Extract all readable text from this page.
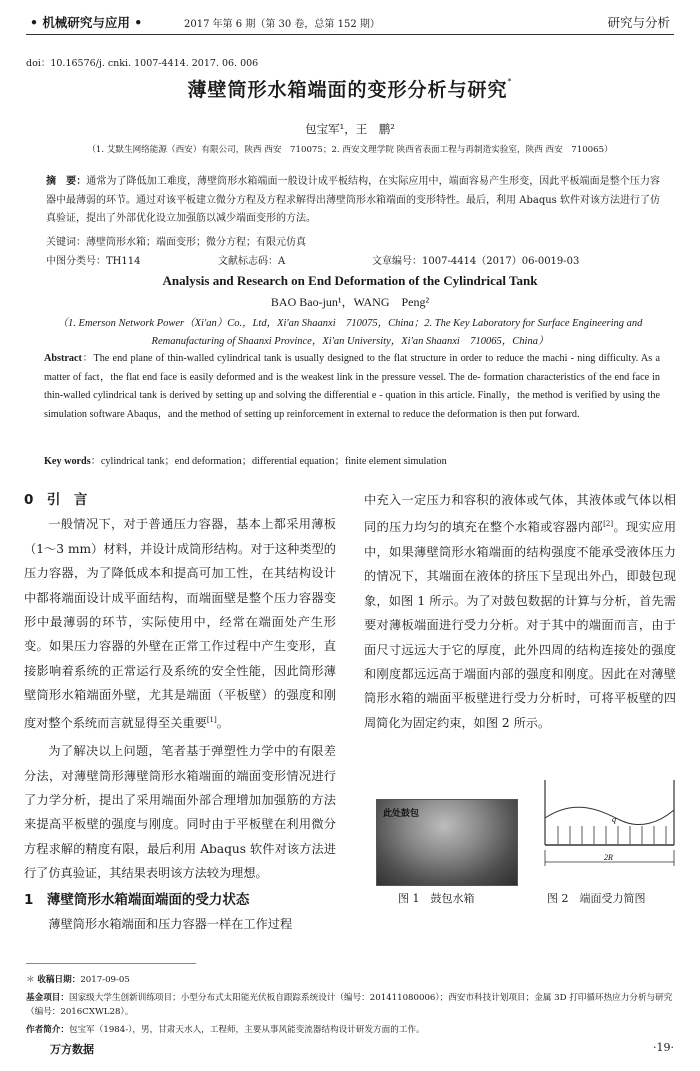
• 机械研究与应用 •	2017 年第 6 期（第 30 卷，总第 152 期）	研究与分析
doi：10.16576/j. cnki. 1007-4414. 2017. 06. 006
薄壁筒形水箱端面的变形分析与研究*
包宝军¹，王　鹏²
（1. 艾默生网络能源（西安）有限公司，陕西 西安　710075；2. 西安文理学院 陕西省表面工程与再制造实验室，陕西 西安　710065）
摘　要：通常为了降低加工难度，薄壁筒形水箱端面一般设计成平板结构，在实际应用中，端面容易产生形变，因此平板端面是整个压力容器中最薄弱的环节。通过对该平板建立微分方程及方程求解得出薄壁筒形水箱端面的变形特性。最后，利用 Abaqus 软件对该方法进行了仿真验证，提出了外部优化设立加强筋以减少端面变形的方法。
关键词：薄壁筒形水箱；端面变形；微分方程；有限元仿真
中图分类号：TH114	文献标志码：A	文章编号：1007-4414（2017）06-0019-03
Analysis and Research on End Deformation of the Cylindrical Tank
BAO Bao-jun¹，WANG　Peng²
（1. Emerson Network Power（Xi'an）Co.，Ltd，Xi'an Shaanxi　710075，China；2. The Key Laboratory for Surface Engineering and Remanufacturing of Shaanxi Province，Xi'an University，Xi'an Shaanxi　710065，China）
Abstract：The end plane of thin-walled cylindrical tank is usually designed to the flat structure in order to reduce the machi - ning difficulty. As a matter of fact，the flat end face is easily deformed and is the weakest link in the pressure vessel. The de- formation characteristics of the end face in thin-walled cylindrical tank is derived by setting up and solving the differential e - quation in this article. Finally，the method is verified by using the simulation software Abaqus，and the method of setting up reinforcement in external to reduce the deformation is then put forward.
Key words：cylindrical tank；end deformation；differential equation；finite element simulation
0　引　言
一般情况下，对于普通压力容器，基本上都采用薄板（1～3 mm）材料，并设计成筒形结构。对于这种类型的压力容器，为了降低成本和提高可加工性，在其结构设计中都将端面设计成平面结构，而端面壁是整个压力容器变形中最薄弱的环节，实际使用中，经常在端面处产生形变。如果压力容器的外壁在正常工作过程中产生变形，直接影响着系统的正常运行及系统的安全性能，因此筒形薄壁筒形水箱端面外壁，尤其是端面（平板壁）的强度和刚度对整个系统而言就显得至关重要[1]。
为了解决以上问题，笔者基于弹塑性力学中的有限差分法，对薄壁筒形薄壁筒形水箱端面的端面变形情况进行了力学分析，提出了采用端面外部合理增加加强筋的方法来提高平板壁的强度与刚度。同时由于平板壁在利用微分方程求解的精度有限，最后利用 Abaqus 软件对该方法进行了仿真验证，其结果表明该方法较为理想。
1　薄壁筒形水箱端面端面的受力状态
薄壁筒形水箱端面和压力容器一样在工作过程
中充入一定压力和容积的液体或气体，其液体或气体以相同的压力均匀的填充在整个水箱或容器内部[2]。现实应用中，如果薄壁筒形水箱端面的结构强度不能承受液体压力的情况下，其端面在液体的挤压下呈现出外凸，即鼓包现象，如图 1 所示。为了对鼓包数据的计算与分析，首先需要对薄板端面进行受力分析。对于其中的端面而言，由于面尺寸远远大于它的厚度，此外四周的结构连接处的强度和刚度都远远高于端面内部的强度和刚度。因此在对薄壁筒形水箱的端面平板壁进行受力分析时，可将平板壁的四周简化为固定约束，如图 2 所示。
此处鼓包
图 1　鼓包水箱
q
2R
图 2　端面受力简图
＊ 收稿日期：2017-09-05
基金项目：国家级大学生创新训练项目；小型分布式太阳能光伏板自跟踪系统设计（编号：201411080006）；西安市科技计划项目；金属 3D 打印循环热应力分析与研究（编号：2016CXWL28）。
作者简介：包宝军（1984-），男，甘肃天水人，工程师，主要从事风能变流器结构设计研发方面的工作。
万方数据	·19·
